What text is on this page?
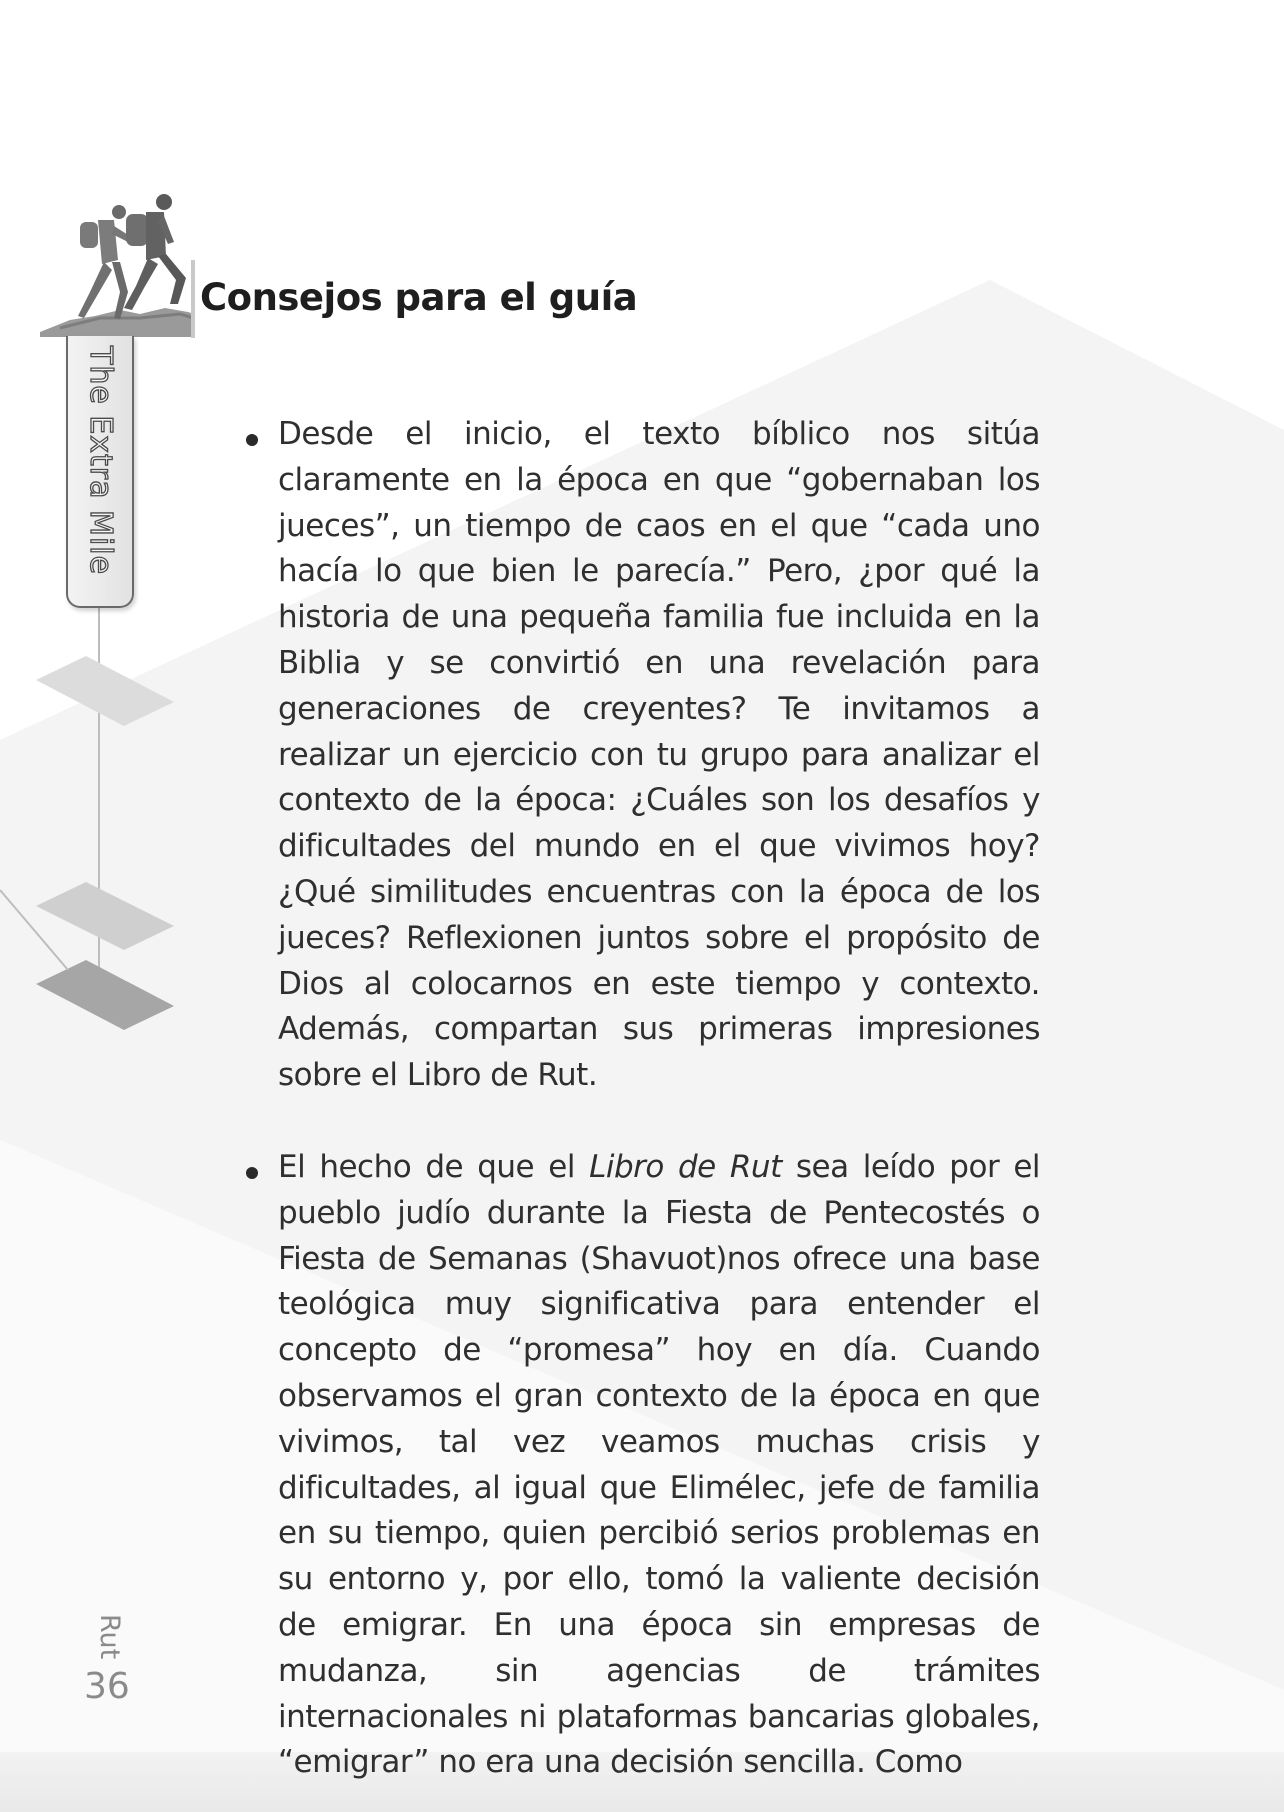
Consejos para el guía
The Extra Mile	Desde el inicio, el texto bíblico nos sitúa claramente en la época en que “gobernaban los jueces”, un tiempo de caos en el que “cada uno hacía lo que bien le parecía.” Pero, ¿por qué la historia de una pequeña familia fue incluida en la Biblia y se convirtió en una revelación para generaciones de creyentes? Te invitamos a realizar un ejercicio con tu grupo para analizar el contexto de la época: ¿Cuáles son los desafíos y dificultades del mundo en el que vivimos hoy? ¿Qué similitudes encuentras con la época de los jueces? Reflexionen juntos sobre el propósito de Dios al colocarnos en este tiempo y contexto. Además, compartan sus primeras impresiones sobre el Libro de Rut.

El hecho de que el Libro de Rut sea leído por el pueblo judío durante la Fiesta de Pentecostés o Fiesta de Semanas (Shavuot)nos ofrece una base teológica muy significativa para entender el concepto de “promesa” hoy en día. Cuando observamos el gran contexto de la época en que vivimos, tal vez veamos muchas crisis y dificultades, al igual que Elimélec, jefe de familia en su tiempo, quien percibió serios problemas en su entorno y, por ello, tomó la valiente decisión de emigrar. En una época sin empresas de mudanza, sin agencias de trámites internacionales ni plataformas bancarias globales, “emigrar” no era una decisión sencilla. Como

Rut
36
